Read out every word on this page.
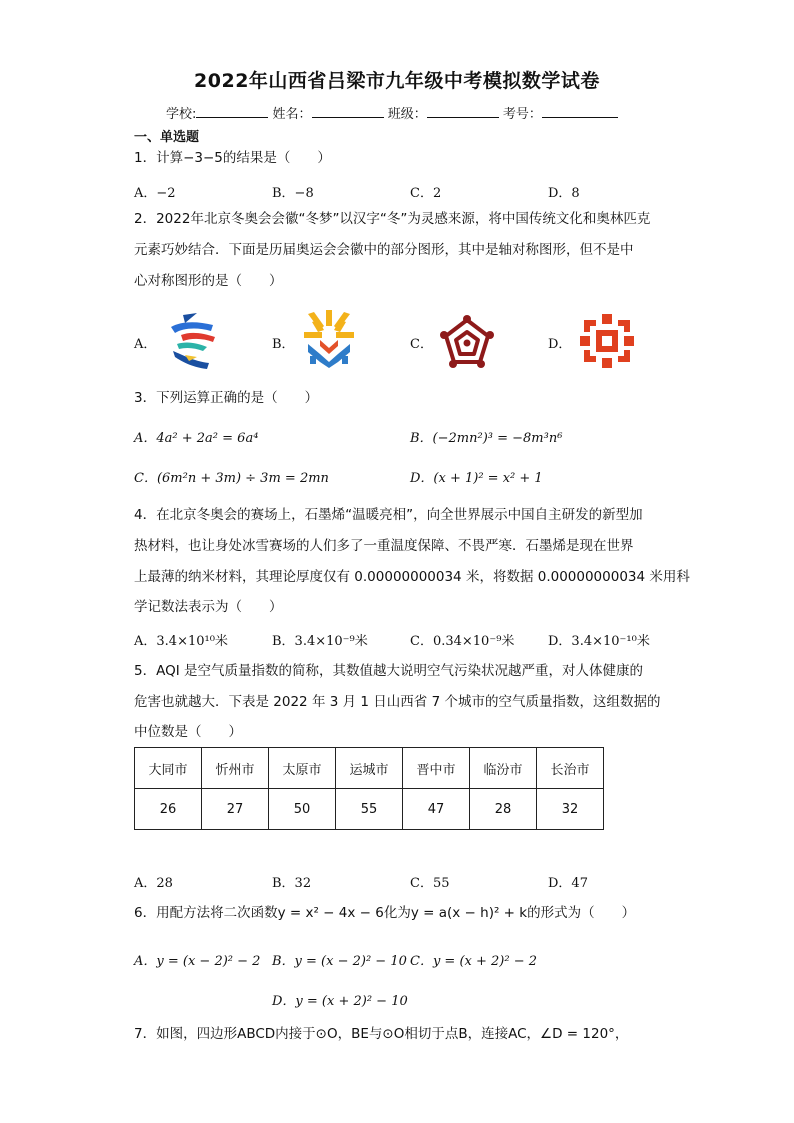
2022年山西省吕梁市九年级中考模拟数学试卷
学校:	姓名：	班级：	考号：
一、单选题
1．计算−3−5的结果是（　　）
A．−2	B．−8	C．2	D．8
2．2022年北京冬奥会会徽“冬梦”以汉字“冬”为灵感来源，将中国传统文化和奥林匹克
元素巧妙结合．下面是历届奥运会会徽中的部分图形，其中是轴对称图形，但不是中
心对称图形的是（　　）
A．	B．	C．	D．
3．下列运算正确的是（　　）
A．4a² + 2a² = 6a⁴	B．(−2mn²)³ = −8m³n⁶
C．(6m²n + 3m) ÷ 3m = 2mn	D．(x + 1)² = x² + 1
4．在北京冬奥会的赛场上，石墨烯“温暖亮相”，向全世界展示中国自主研发的新型加
热材料，也让身处冰雪赛场的人们多了一重温度保障、不畏严寒．石墨烯是现在世界
上最薄的纳米材料，其理论厚度仅有 0.00000000034 米，将数据 0.00000000034 米用科
学记数法表示为（　　）
A．3.4×10¹⁰米	B．3.4×10⁻⁹米	C．0.34×10⁻⁹米	D．3.4×10⁻¹⁰米
5．AQI 是空气质量指数的简称，其数值越大说明空气污染状况越严重，对人体健康的
危害也就越大．下表是 2022 年 3 月 1 日山西省 7 个城市的空气质量指数，这组数据的
中位数是（　　）
大同市	忻州市	太原市	运城市	晋中市	临汾市	长治市
26	27	50	55	47	28	32
A．28	B．32	C．55	D．47
6．用配方法将二次函数y = x² − 4x − 6化为y = a(x − h)² + k的形式为（　　）
A．y = (x − 2)² − 2 B．y = (x − 2)² − 10 C．y = (x + 2)² − 2
D．y = (x + 2)² − 10
7．如图，四边形ABCD内接于⊙O，BE与⊙O相切于点B，连接AC，∠D = 120°，
